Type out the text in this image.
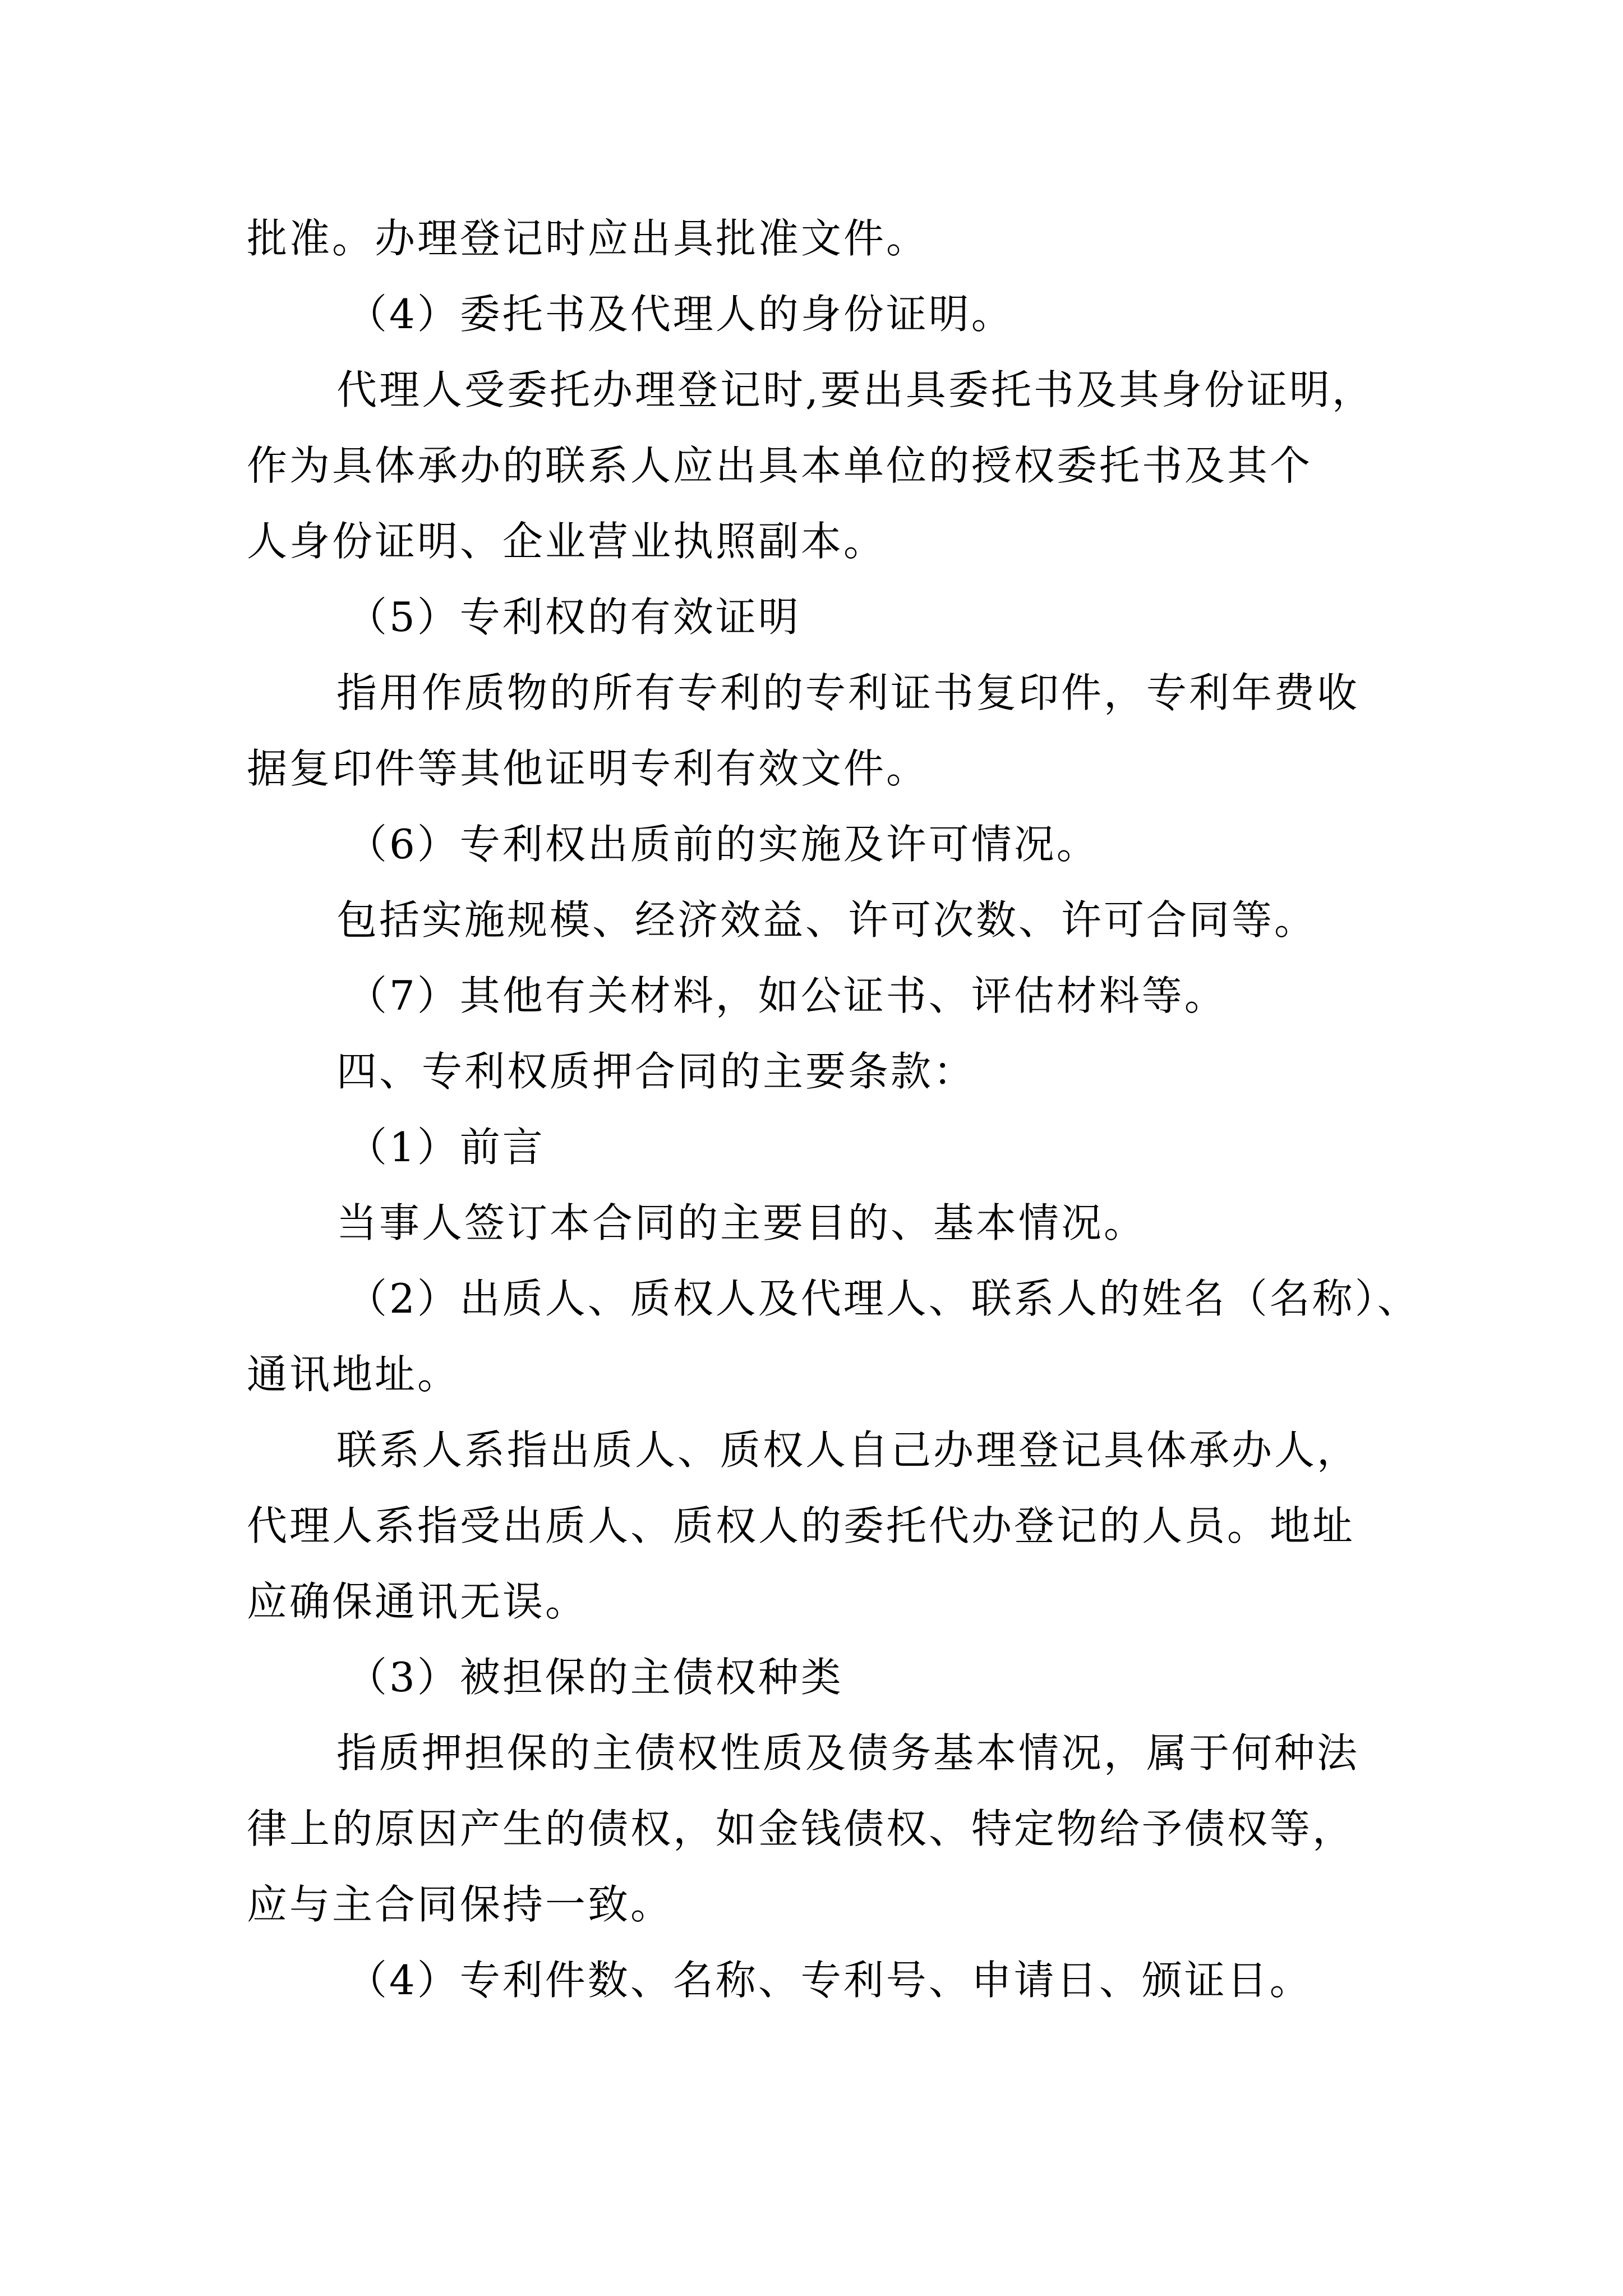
批准。办理登记时应出具批准文件。
（4）委托书及代理人的身份证明。
代理人受委托办理登记时,要出具委托书及其身份证明，
作为具体承办的联系人应出具本单位的授权委托书及其个
人身份证明、企业营业执照副本。
（5）专利权的有效证明
指用作质物的所有专利的专利证书复印件，专利年费收
据复印件等其他证明专利有效文件。
（6）专利权出质前的实施及许可情况。
包括实施规模、经济效益、许可次数、许可合同等。
（7）其他有关材料，如公证书、评估材料等。
四、专利权质押合同的主要条款：
（1）前言
当事人签订本合同的主要目的、基本情况。
（2）出质人、质权人及代理人、联系人的姓名（名称）、
通讯地址。
联系人系指出质人、质权人自己办理登记具体承办人，
代理人系指受出质人、质权人的委托代办登记的人员。地址
应确保通讯无误。
（3）被担保的主债权种类
指质押担保的主债权性质及债务基本情况，属于何种法
律上的原因产生的债权，如金钱债权、特定物给予债权等，
应与主合同保持一致。
（4）专利件数、名称、专利号、申请日、颁证日。
